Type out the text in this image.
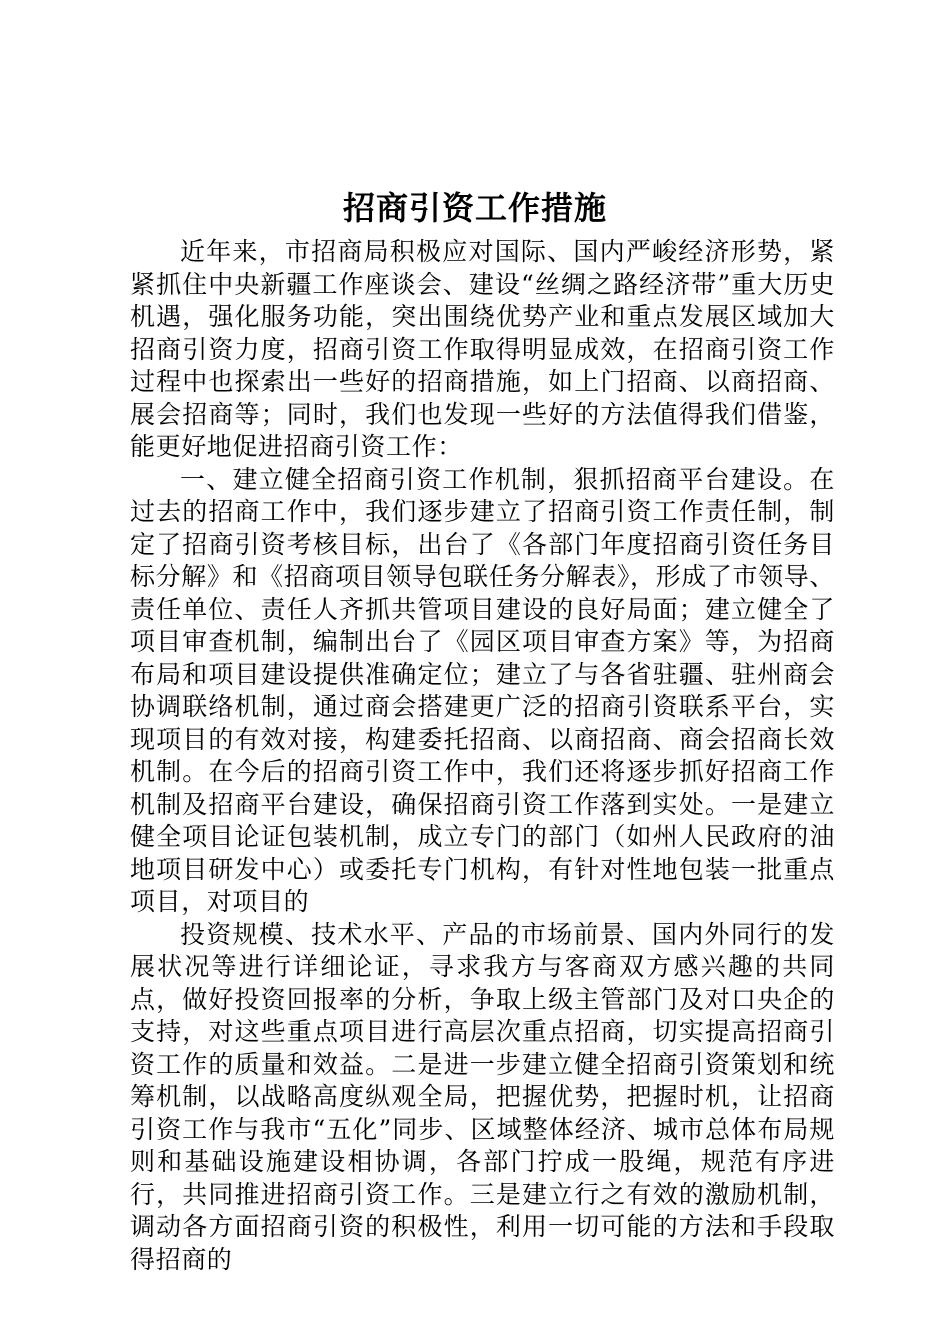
招商引资工作措施

近年来，市招商局积极应对国际、国内严峻经济形势，紧紧抓住中央新疆工作座谈会、建设“丝绸之路经济带”重大历史机遇，强化服务功能，突出围绕优势产业和重点发展区域加大招商引资力度，招商引资工作取得明显成效，在招商引资工作过程中也探索出一些好的招商措施，如上门招商、以商招商、展会招商等；同时，我们也发现一些好的方法值得我们借鉴，能更好地促进招商引资工作：

一、建立健全招商引资工作机制，狠抓招商平台建设。在过去的招商工作中，我们逐步建立了招商引资工作责任制，制定了招商引资考核目标，出台了《各部门年度招商引资任务目标分解》和《招商项目领导包联任务分解表》，形成了市领导、责任单位、责任人齐抓共管项目建设的良好局面；建立健全了项目审查机制，编制出台了《园区项目审查方案》等，为招商布局和项目建设提供准确定位；建立了与各省驻疆、驻州商会协调联络机制，通过商会搭建更广泛的招商引资联系平台，实现项目的有效对接，构建委托招商、以商招商、商会招商长效机制。在今后的招商引资工作中，我们还将逐步抓好招商工作机制及招商平台建设，确保招商引资工作落到实处。一是建立健全项目论证包装机制，成立专门的部门（如州人民政府的油地项目研发中心）或委托专门机构，有针对性地包装一批重点项目，对项目的

投资规模、技术水平、产品的市场前景、国内外同行的发展状况等进行详细论证，寻求我方与客商双方感兴趣的共同点，做好投资回报率的分析，争取上级主管部门及对口央企的支持，对这些重点项目进行高层次重点招商，切实提高招商引资工作的质量和效益。二是进一步建立健全招商引资策划和统筹机制，以战略高度纵观全局，把握优势，把握时机，让招商引资工作与我市“五化”同步、区域整体经济、城市总体布局规则和基础设施建设相协调，各部门拧成一股绳，规范有序进行，共同推进招商引资工作。三是建立行之有效的激励机制，调动各方面招商引资的积极性，利用一切可能的方法和手段取得招商的
